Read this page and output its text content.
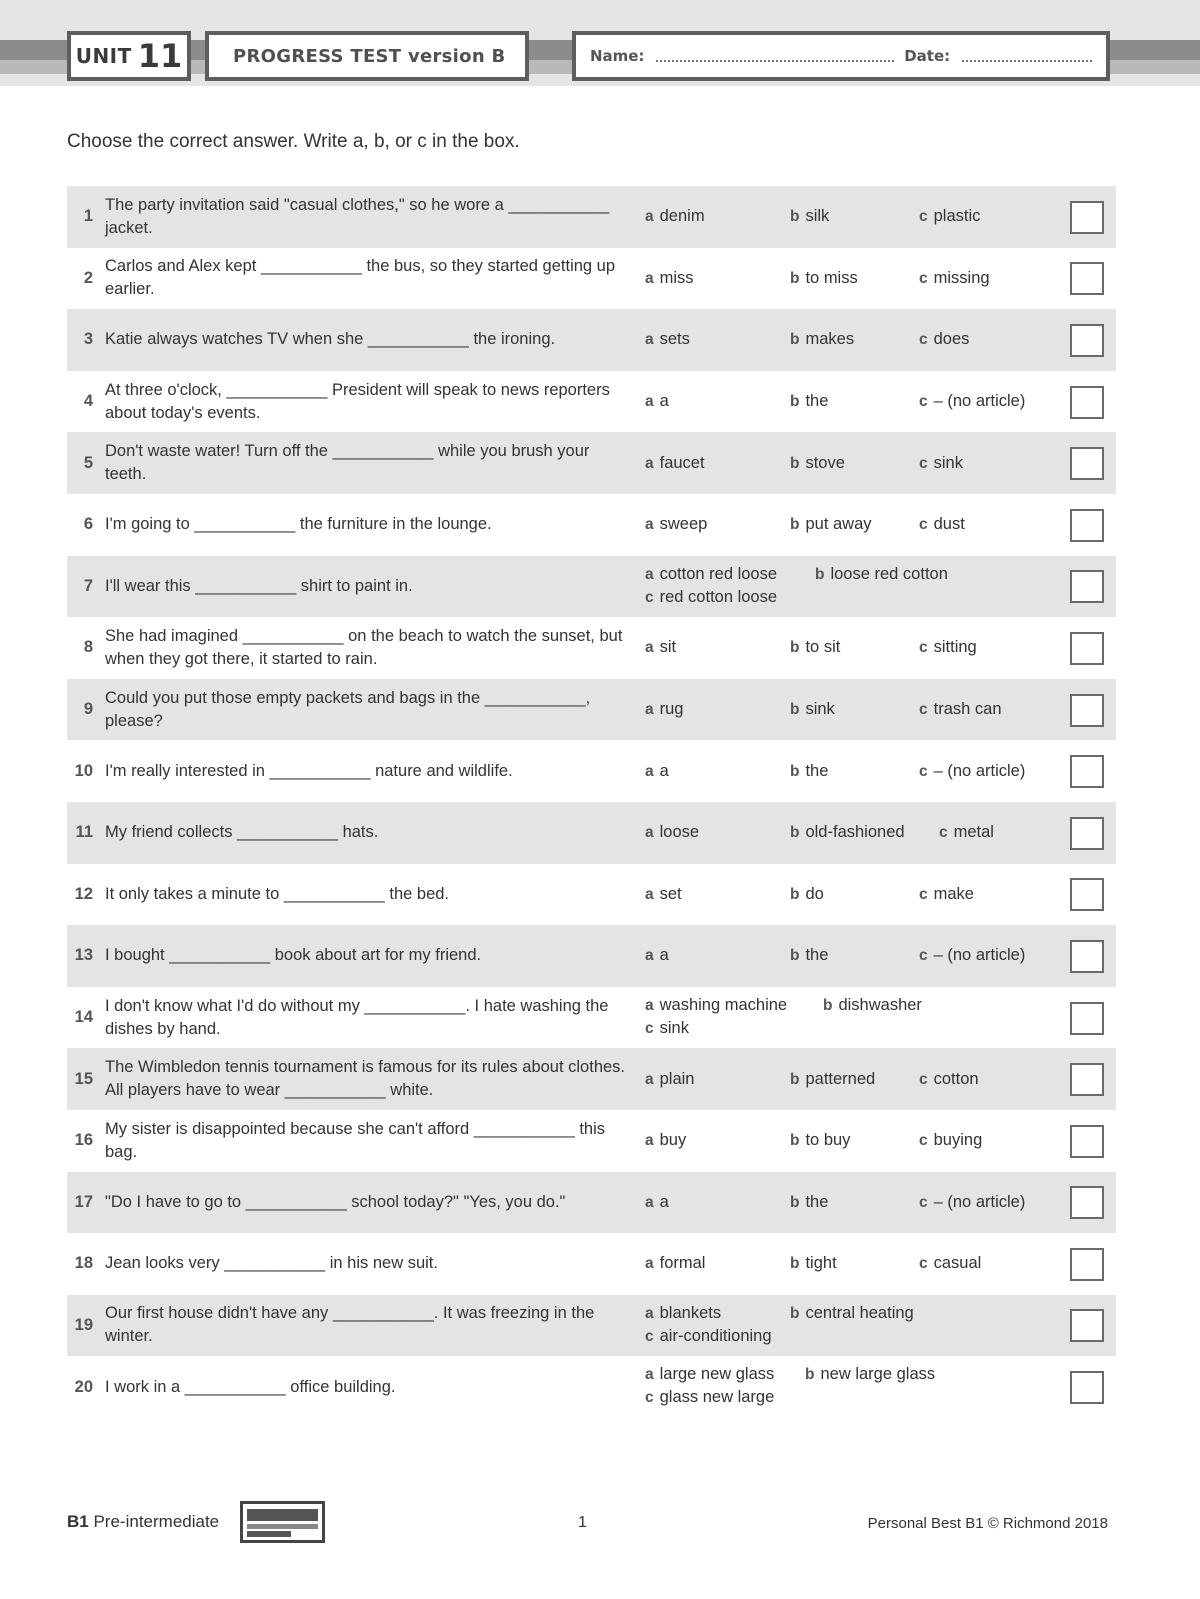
UNIT 11	PROGRESS TEST version B	Name:	Date:
Choose the correct answer. Write a, b, or c in the box.
1
The party invitation said "casual clothes," so he wore a ___________ jacket.
a denim	b silk	c plastic
2
Carlos and Alex kept ___________ the bus, so they started getting up earlier.
a miss	b to miss	c missing
3 Katie always watches TV when she ___________ the ironing.	a sets	b makes	c does
4
At three o'clock, ___________ President will speak to news reporters about today's events.
a a	b the	c – (no article)
5
Don't waste water! Turn off the ___________ while you brush your teeth.
a faucet	b stove	c sink
6 I'm going to ___________ the furniture in the lounge.	a sweep	b put away	c dust
7 I'll wear this ___________ shirt to paint in.
a cotton red loose b loose red cotton
c red cotton loose
8
She had imagined ___________ on the beach to watch the sunset, but when they got there, it started to rain.
a sit	b to sit	c sitting
9
Could you put those empty packets and bags in the ___________, please?
a rug	b sink	c trash can
10 I'm really interested in ___________ nature and wildlife.	a a	b the	c – (no article)
11 My friend collects ___________ hats.	a loose	b old-fashioned c metal
12 It only takes a minute to ___________ the bed.	a set	b do	c make
13 I bought ___________ book about art for my friend.	a a	b the	c – (no article)
14
I don't know what I'd do without my ___________. I hate washing the dishes by hand.
a washing machine b dishwasher
c sink
15
The Wimbledon tennis tournament is famous for its rules about clothes. All players have to wear ___________ white.
a plain	b patterned	c cotton
16
My sister is disappointed because she can't afford ___________ this bag.
a buy	b to buy	c buying
17 "Do I have to go to ___________ school today?" "Yes, you do."	a a	b the	c – (no article)
18 Jean looks very ___________ in his new suit.	a formal	b tight	c casual
19
Our first house didn't have any ___________. It was freezing in the winter.
a blankets	b central heating
c air-conditioning
20 I work in a ___________ office building.
a large new glass b new large glass
c glass new large
B1 Pre-intermediate	1	Personal Best B1 © Richmond 2018
